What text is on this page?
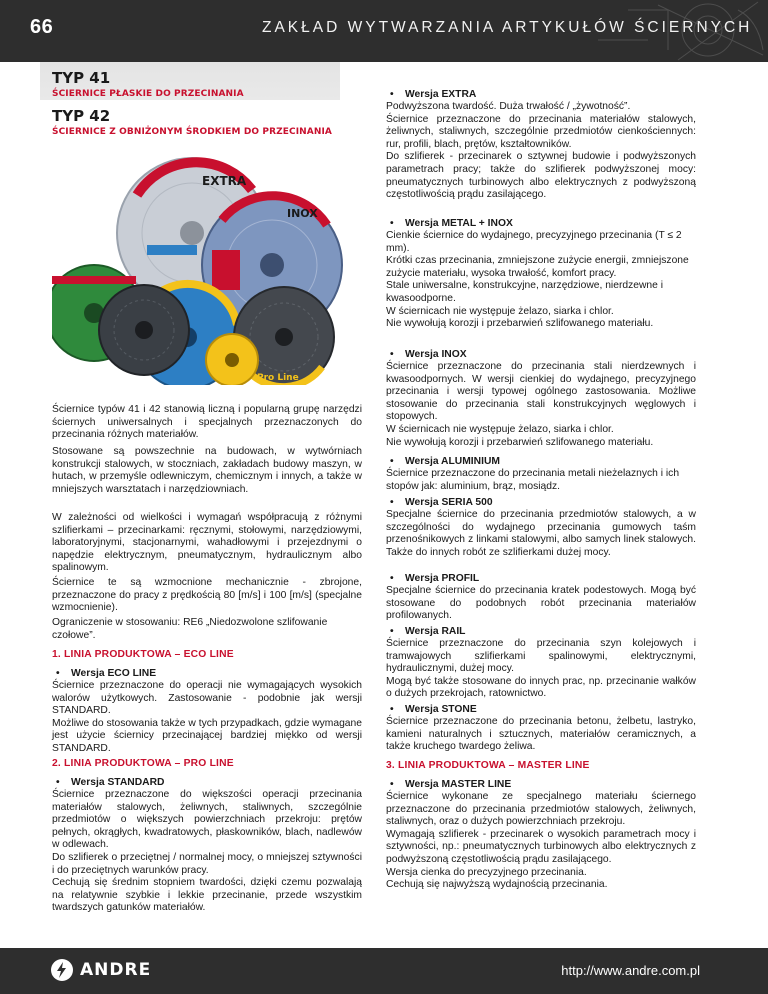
66	ZAKŁAD WYTWARZANIA ARTYKUŁÓW ŚCIERNYCH
TYP 41
ŚCIERNICE PŁASKIE DO PRZECINANIA
TYP 42
ŚCIERNICE Z OBNIŻONYM ŚRODKIEM DO PRZECINANIA
EXTRA
INOX
Pro Line
Ściernice typów 41 i 42 stanowią liczną i popularną grupę narzędzi ściernych uniwersalnych i specjalnych przeznaczonych do przecinania różnych materiałów.
Stosowane są powszechnie na budowach, w wytwórniach konstrukcji stalowych, w stoczniach, zakładach budowy maszyn, w hutach, w przemyśle odlewniczym, chemicznym i innych, a także w mniejszych warsztatach i narzędziowniach.
W zależności od wielkości i wymagań współpracują z różnymi szlifierkami – przecinarkami: ręcznymi, stołowymi, narzędziowymi, laboratoryjnymi, stacjonarnymi, wahadłowymi i przejezdnymi o napędzie elektrycznym, pneumatycznym, hydraulicznym albo spalinowym.
Ściernice te są wzmocnione mechanicznie - zbrojone, przeznaczone do pracy z prędkością 80 [m/s] i 100 [m/s] (specjalne wzmocnienie).
Ograniczenie w stosowaniu: RE6 „Niedozwolone szlifowanie czołowe”.
1. LINIA PRODUKTOWA – ECO LINE
• Wersja ECO LINE
Ściernice przeznaczone do operacji nie wymagających wysokich walorów użytkowych. Zastosowanie - podobnie jak wersji STANDARD.
Możliwe do stosowania także w tych przypadkach, gdzie wymagane jest użycie ściernicy przecinającej bardziej miękko od wersji STANDARD.
2. LINIA PRODUKTOWA – PRO LINE
• Wersja STANDARD
Ściernice przeznaczone do większości operacji przecinania materiałów stalowych, żeliwnych, staliwnych, szczególnie przedmiotów o większych powierzchniach przekroju: prętów pełnych, okrągłych, kwadratowych, płaskowników, blach, nadlewów w odlewach.
Do szlifierek o przeciętnej / normalnej mocy, o mniejszej sztywności i do przeciętnych warunków pracy.
Cechują się średnim stopniem twardości, dzięki czemu pozwalają na relatywnie szybkie i lekkie przecinanie, przede wszystkim twardszych gatunków materiałów.
• Wersja EXTRA
Podwyższona twardość. Duża trwałość / „żywotność”.
Ściernice przeznaczone do przecinania materiałów stalowych, żeliwnych, staliwnych, szczególnie przedmiotów cienkościennych: rur, profili, blach, prętów, kształtowników.
Do szlifierek - przecinarek o sztywnej budowie i podwyższonych parametrach pracy; także do szlifierek podwyższonej mocy: pneumatycznych turbinowych albo elektrycznych z podwyższoną częstotliwością prądu zasilającego.
• Wersja METAL + INOX
Cienkie ściernice do wydajnego, precyzyjnego przecinania (T ≤ 2 mm).
Krótki czas przecinania, zmniejszone zużycie energii, zmniejszone zużycie materiału, wysoka trwałość, komfort pracy.
Stale uniwersalne, konstrukcyjne, narzędziowe, nierdzewne i kwasoodporne.
W ściernicach nie występuje żelazo, siarka i chlor.
Nie wywołują korozji i przebarwień szlifowanego materiału.
• Wersja INOX
Ściernice przeznaczone do przecinania stali nierdzewnych i kwasoodpornych. W wersji cienkiej do wydajnego, precyzyjnego przecinania i wersji typowej ogólnego zastosowania. Możliwe stosowanie do przecinania stali konstrukcyjnych węglowych i stopowych.
W ściernicach nie występuje żelazo, siarka i chlor.
Nie wywołują korozji i przebarwień szlifowanego materiału.
• Wersja ALUMINIUM
Ściernice przeznaczone do przecinania metali nieżelaznych i ich stopów jak: aluminium, brąz, mosiądz.
• Wersja SERIA 500
Specjalne ściernice do przecinania przedmiotów stalowych, a w szczególności do wydajnego przecinania gumowych taśm przenośnikowych z linkami stalowymi, albo samych linek stalowych. Także do innych robót ze szlifierkami dużej mocy.
• Wersja PROFIL
Specjalne ściernice do przecinania kratek podestowych. Mogą być stosowane do podobnych robót przecinania materiałów profilowanych.
• Wersja RAIL
Ściernice przeznaczone do przecinania szyn kolejowych i tramwajowych szlifierkami spalinowymi, elektrycznymi, hydraulicznymi, dużej mocy.
Mogą być także stosowane do innych prac, np. przecinanie wałków o dużych przekrojach, ratownictwo.
• Wersja STONE
Ściernice przeznaczone do przecinania betonu, żelbetu, lastryko, kamieni naturalnych i sztucznych, materiałów ceramicznych, a także kruchego twardego żeliwa.
3. LINIA PRODUKTOWA – MASTER LINE
• Wersja MASTER LINE
Ściernice wykonane ze specjalnego materiału ściernego przeznaczone do przecinania przedmiotów stalowych, żeliwnych, staliwnych, oraz o dużych powierzchniach przekroju.
Wymagają szlifierek - przecinarek o wysokich parametrach mocy i sztywności, np.: pneumatycznych turbinowych albo elektrycznych z podwyższoną częstotliwością prądu zasilającego.
Wersja cienka do precyzyjnego przecinania.
Cechują się najwyższą wydajnością przecinania.
ANDRE	http://www.andre.com.pl
